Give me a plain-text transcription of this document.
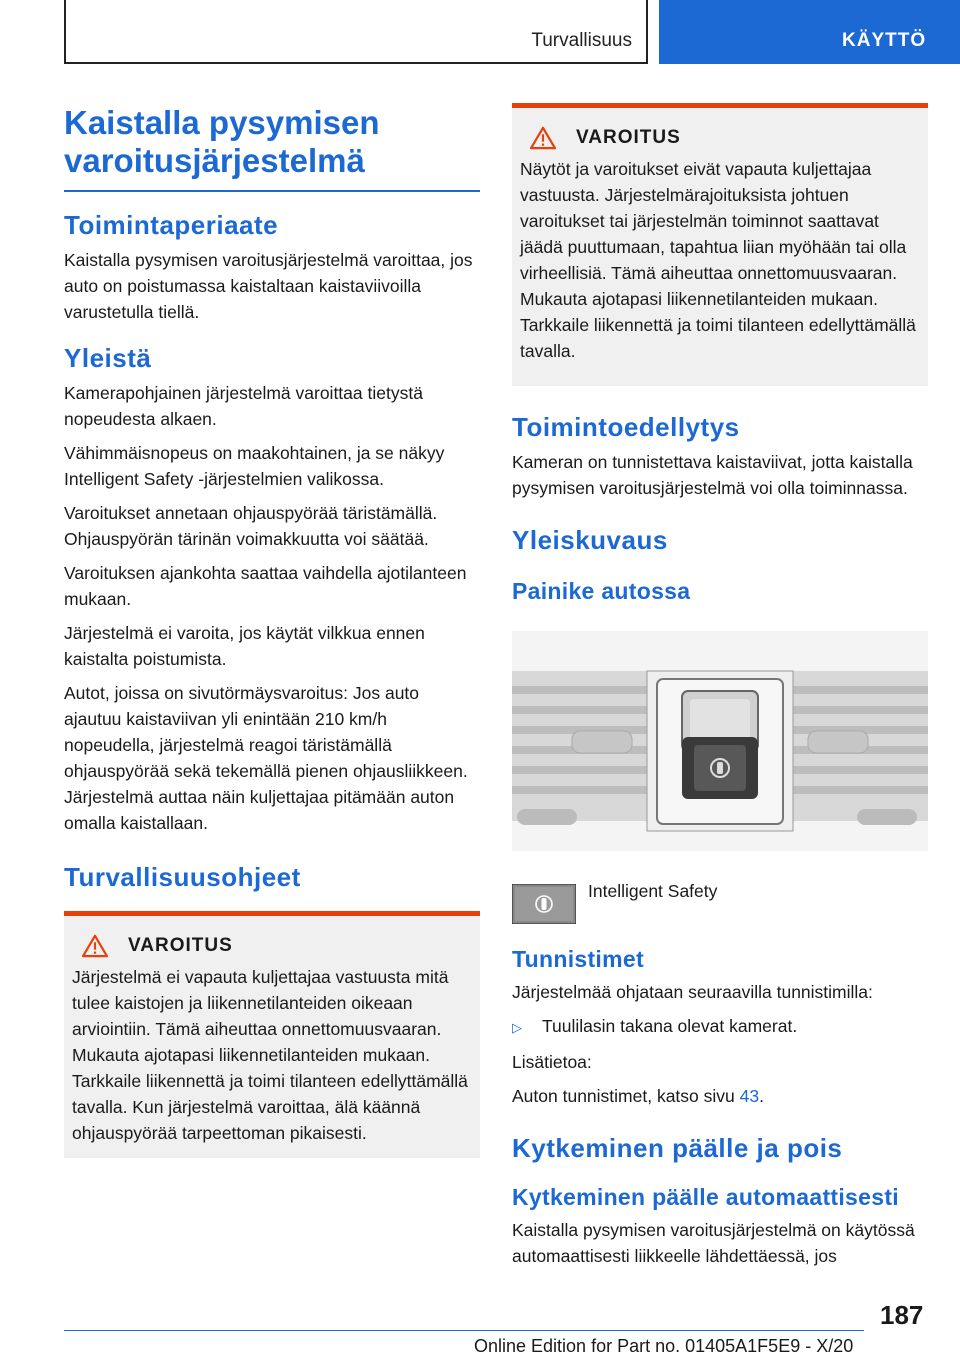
Turvallisuus	KÄYTTÖ
Kaistalla pysymisen varoitusjärjestelmä
Toimintaperiaate

Kaistalla pysymisen varoitusjärjestelmä varoittaa, jos auto on poistumassa kaistaltaan kaistaviivoilla varustetulla tiellä.

Yleistä

Kamerapohjainen järjestelmä varoittaa tietystä nopeudesta alkaen.

Vähimmäisnopeus on maakohtainen, ja se näkyy Intelligent Safety -järjestelmien valikossa.

Varoitukset annetaan ohjauspyörää täristämällä. Ohjauspyörän tärinän voimakkuutta voi säätää.

Varoituksen ajankohta saattaa vaihdella ajotilanteen mukaan.

Järjestelmä ei varoita, jos käytät vilkkua ennen kaistalta poistumista.

Autot, joissa on sivutörmäysvaroitus: Jos auto ajautuu kaistaviivan yli enintään 210 km/h nopeudella, järjestelmä reagoi täristämällä ohjauspyörää sekä tekemällä pienen ohjausliikkeen. Järjestelmä auttaa näin kuljettajaa pitämään auton omalla kaistallaan.

Turvallisuusohjeet
VAROITUS

Järjestelmä ei vapauta kuljettajaa vastuusta mitä tulee kaistojen ja liikennetilanteiden oikeaan arviointiin. Tämä aiheuttaa onnettomuusvaaran. Mukauta ajotapasi liikennetilanteiden mukaan. Tarkkaile liikennettä ja toimi tilanteen edellyttämällä tavalla. Kun järjestelmä varoittaa, älä käännä ohjauspyörää tarpeettoman pikaisesti.

VAROITUS

Näytöt ja varoitukset eivät vapauta kuljettajaa vastuusta. Järjestelmärajoituksista johtuen varoitukset tai järjestelmän toiminnot saattavat jäädä puuttumaan, tapahtua liian myöhään tai olla virheellisiä. Tämä aiheuttaa onnettomuusvaaran. Mukauta ajotapasi liikennetilanteiden mukaan. Tarkkaile liikennettä ja toimi tilanteen edellyttämällä tavalla.

Toimintoedellytys

Kameran on tunnistettava kaistaviivat, jotta kaistalla pysymisen varoitusjärjestelmä voi olla toiminnassa.

Yleiskuvaus
Painike autossa
Intelligent Safety
Tunnistimet

Järjestelmää ohjataan seuraavilla tunnistimilla:

▷	Tuulilasin takana olevat kamerat.

Lisätietoa:

Auton tunnistimet, katso sivu 43.

Kytkeminen päälle ja pois
Kytkeminen päälle automaattisesti

Kaistalla pysymisen varoitusjärjestelmä on käytössä automaattisesti liikkeelle lähdettäessä, jos

187
Online Edition for Part no. 01405A1F5E9 - X/20
